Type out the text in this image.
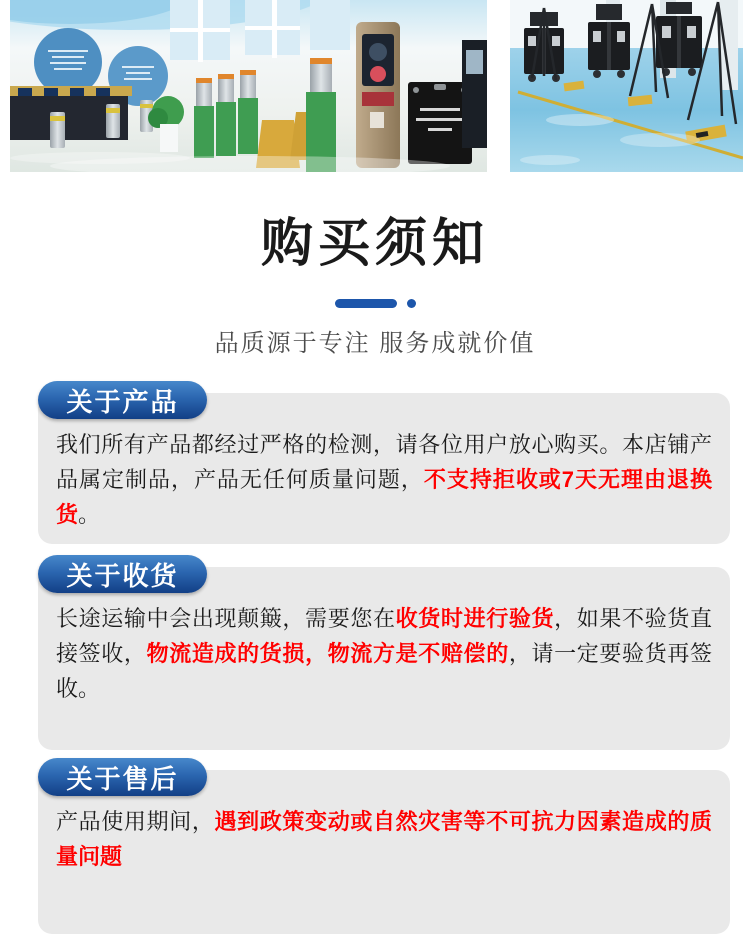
购买须知
品质源于专注 服务成就价值
关于产品
我们所有产品都经过严格的检测，请各位用户放心购买。本店铺产品属定制品，产品无任何质量问题，不支持拒收或7天无理由退换货。
关于收货
长途运输中会出现颠簸，需要您在收货时进行验货，如果不验货直接签收，物流造成的货损，物流方是不赔偿的，请一定要验货再签收。
关于售后
产品使用期间，遇到政策变动或自然灾害等不可抗力因素造成的质量问题
